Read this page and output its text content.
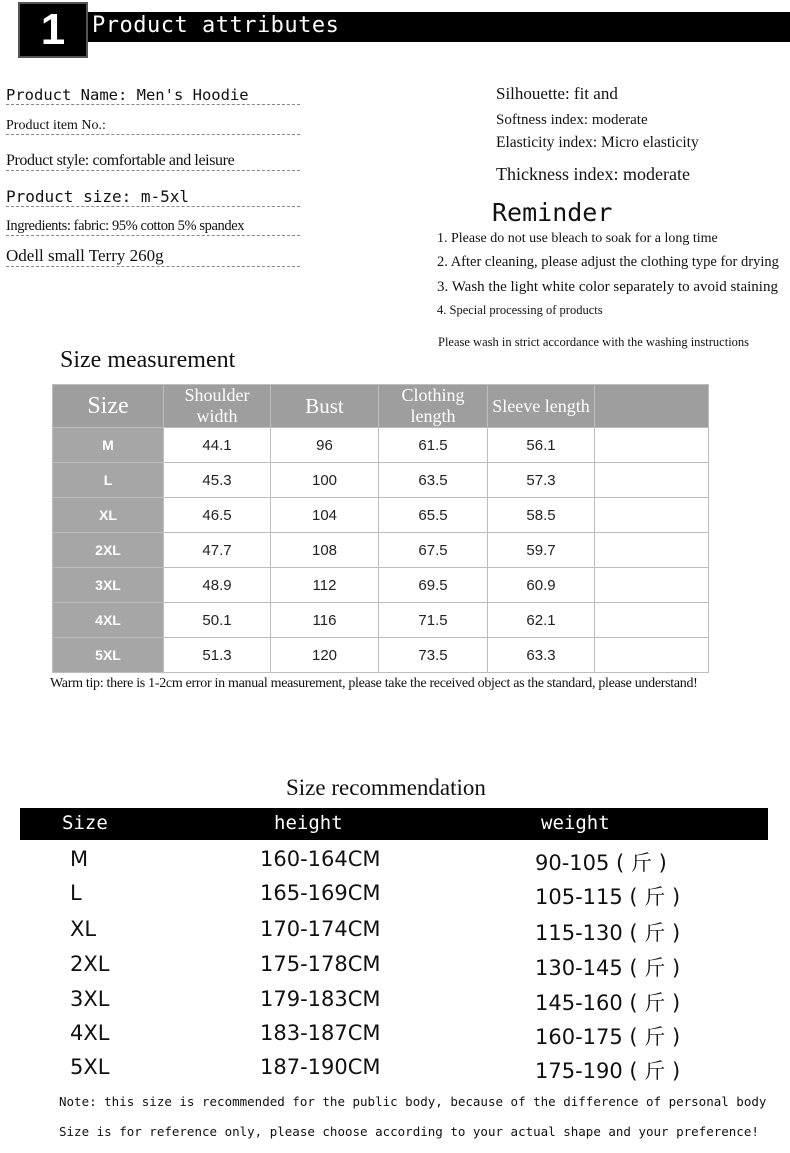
1 Product attributes
Product Name: Men's Hoodie
Product item No.:
Product style: comfortable and leisure
Product size: m-5xl
Ingredients: fabric: 95% cotton 5% spandex
Odell small Terry 260g
Silhouette: fit and
Softness index: moderate
Elasticity index: Micro elasticity
Thickness index: moderate
Reminder
1. Please do not use bleach to soak for a long time
2. After cleaning, please adjust the clothing type for drying
3. Wash the light white color separately to avoid staining
4. Special processing of products
Please wash in strict accordance with the washing instructions
Size measurement
Size	Shoulder width	Bust	Clothing length	Sleeve length	
M	44.1	96	61.5	56.1	
L	45.3	100	63.5	57.3	
XL	46.5	104	65.5	58.5	
2XL	47.7	108	67.5	59.7	
3XL	48.9	112	69.5	60.9	
4XL	50.1	116	71.5	62.1	
5XL	51.3	120	73.5	63.3	
Warm tip: there is 1-2cm error in manual measurement, please take the received object as the standard, please understand!
Size recommendation
Size	height	weight
M	160-164CM	90-105 ( 斤 )
L	165-169CM	105-115 ( 斤 )
XL	170-174CM	115-130 ( 斤 )
2XL	175-178CM	130-145 ( 斤 )
3XL	179-183CM	145-160 ( 斤 )
4XL	183-187CM	160-175 ( 斤 )
5XL	187-190CM	175-190 ( 斤 )
Note: this size is recommended for the public body, because of the difference of personal body
Size is for reference only, please choose according to your actual shape and your preference!
